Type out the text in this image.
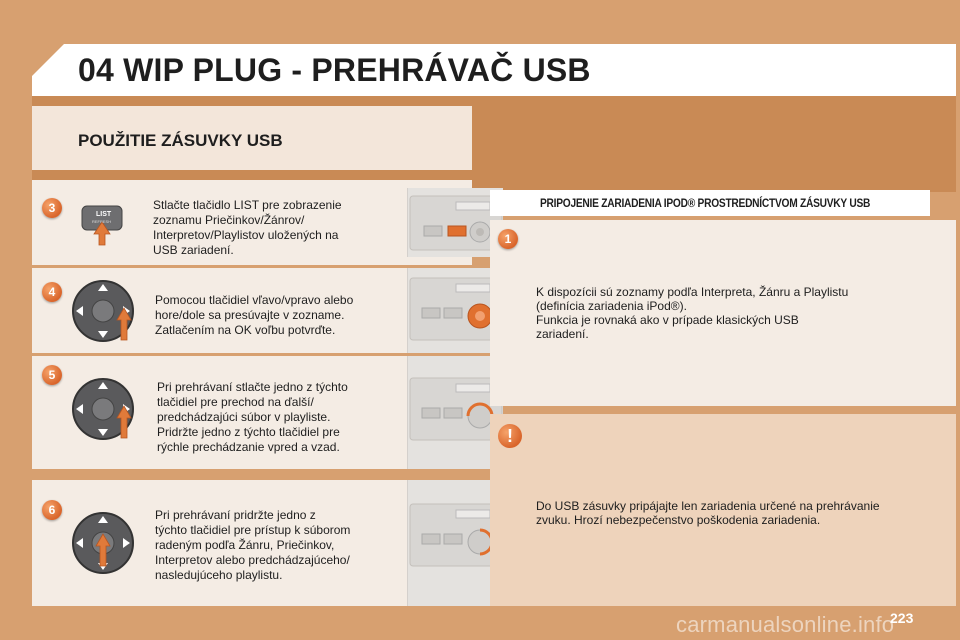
04 WIP PLUG - PREHRÁVAČ USB
POUŽITIE ZÁSUVKY USB
3	LIST
REFRESH
Stlačte tlačidlo LIST pre zobrazenie
zoznamu Priečinkov/Žánrov/
Interpretov/Playlistov uložených na
USB zariadení.
4
Pomocou tlačidiel vľavo/vpravo alebo
hore/dole sa presúvajte v zozname.
Zatlačením na OK voľbu potvrďte.
5
Pri prehrávaní stlačte jedno z týchto
tlačidiel pre prechod na ďalší/
predchádzajúci súbor v playliste.
Pridržte jedno z týchto tlačidiel pre
rýchle prechádzanie vpred a vzad.
6	Pri prehrávaní pridržte jedno z
týchto tlačidiel pre prístup k súborom
radeným podľa Žánru, Priečinkov,
Interpretov alebo predchádzajúceho/
nasledujúceho playlistu.
PRIPOJENIE ZARIADENIA IPOD® PROSTREDNÍCTVOM ZÁSUVKY USB
1
K dispozícii sú zoznamy podľa Interpreta, Žánru a Playlistu
(definícia zariadenia iPod®).
Funkcia je rovnaká ako v prípade klasických USB
zariadení.
!
Do USB zásuvky pripájajte len zariadenia určené na prehrávanie
zvuku. Hrozí nebezpečenstvo poškodenia zariadenia.
carmanualsonline.info
223
